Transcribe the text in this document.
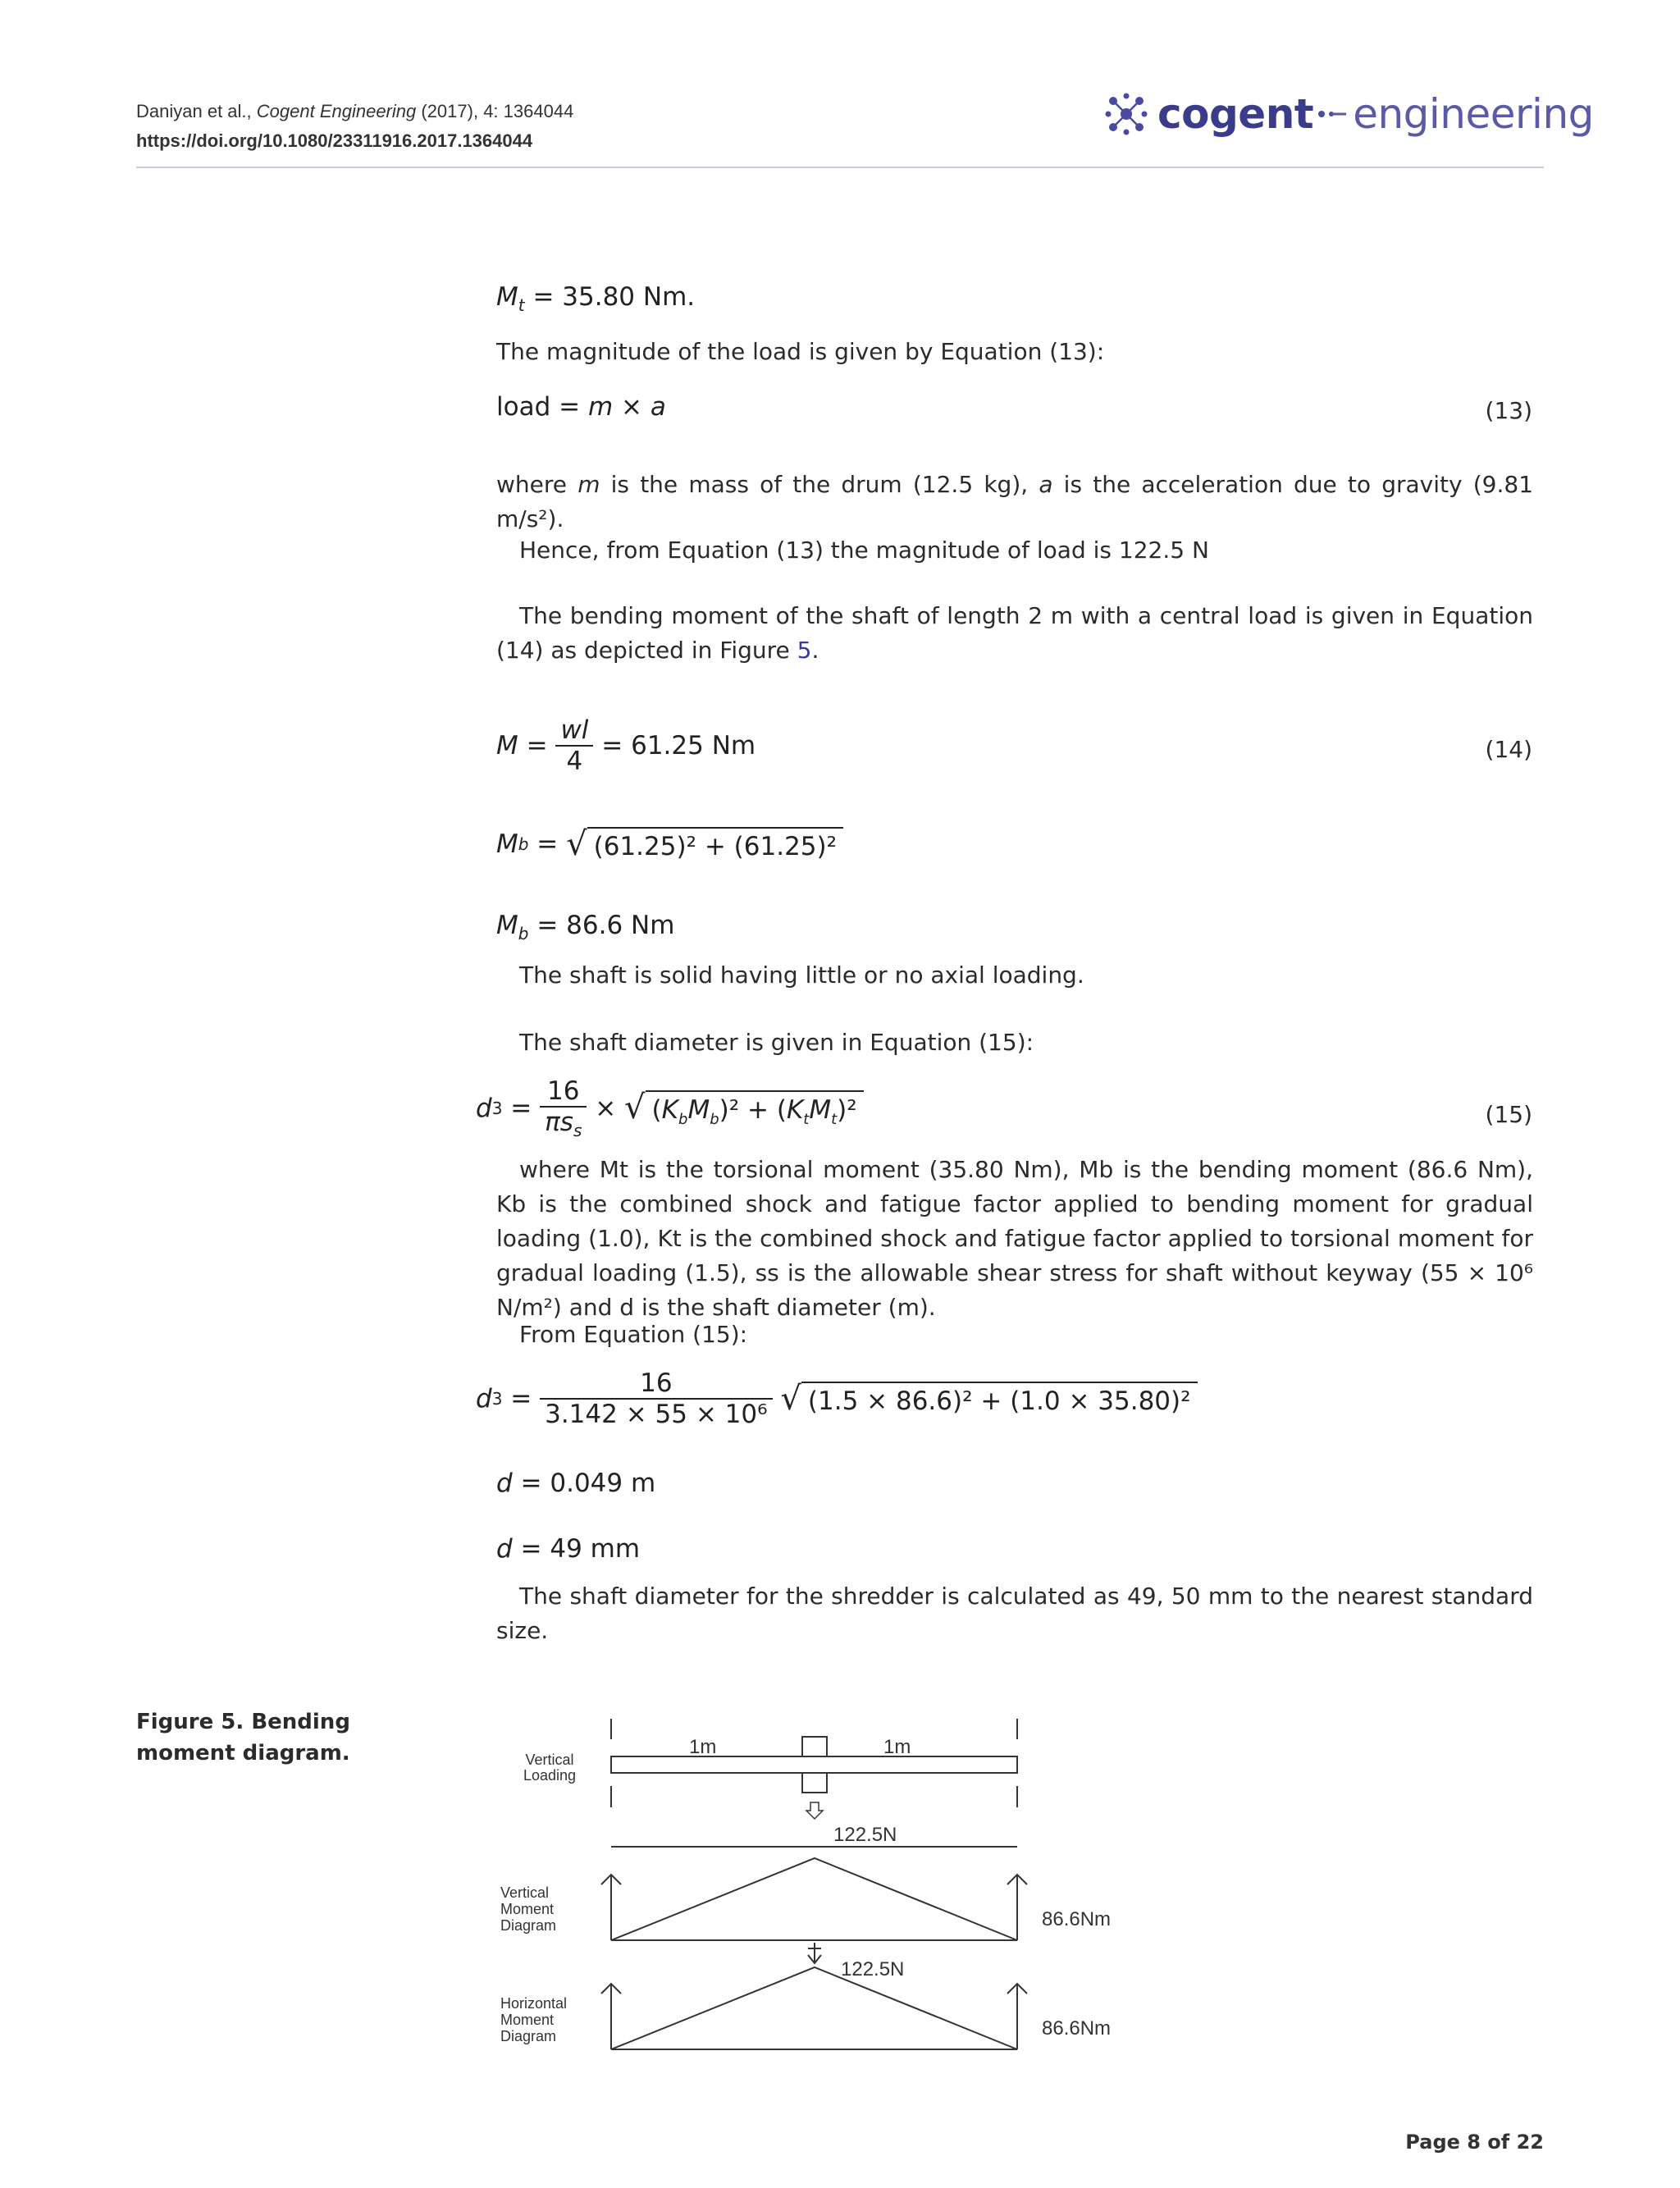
Daniyan et al., Cogent Engineering (2017), 4: 1364044
https://doi.org/10.1080/23311916.2017.1364044
cogent engineering
$M_t = 35.80$ Nm.
The magnitude of the load is given by Equation (13):
load = m × a	(13)
where m is the mass of the drum (12.5 kg), a is the acceleration due to gravity (9.81 m/s²).
Hence, from Equation (13) the magnitude of load is 122.5 N
The bending moment of the shaft of length 2 m with a central load is given in Equation (14) as depicted in Figure 5.
$M = \frac{wl}{4}$
= 61.25 Nm	(14)
M b = √ (61.25)² + (61.25)²
$M_b = 86.6$ Nm
The shaft is solid having little or no axial loading.
The shaft diameter is given in Equation (15):
d $3 = \frac{16}{\pi s_s}$ × √ $(K_bM_b)^2 + (K_tM_t)^2$	(15)
where Mt is the torsional moment (35.80 Nm), Mb is the bending moment (86.6 Nm), Kb is the combined shock and fatigue factor applied to bending moment for gradual loading (1.0), Kt is the combined shock and fatigue factor applied to torsional moment for gradual loading (1.5), ss is the allowable shear stress for shaft without keyway (55 × 10⁶ N/m²) and d is the shaft diameter (m).
From Equation (15):
d $3 = \frac{16}{\text{3.142 × 55 × 10⁶}}$
√ (1.5 × 86.6)² + (1.0 × 35.80)²
d = 0.049 m
d = 49 mm
The shaft diameter for the shredder is calculated as 49, 50 mm to the nearest standard size.
Figure 5. Bending moment diagram.	Vertical
Loading
1m	1m
122.5N
Vertical
Moment
Diagram	86.6Nm
122.5N
Horizontal
Moment
Diagram	86.6Nm
Page 8 of 22
